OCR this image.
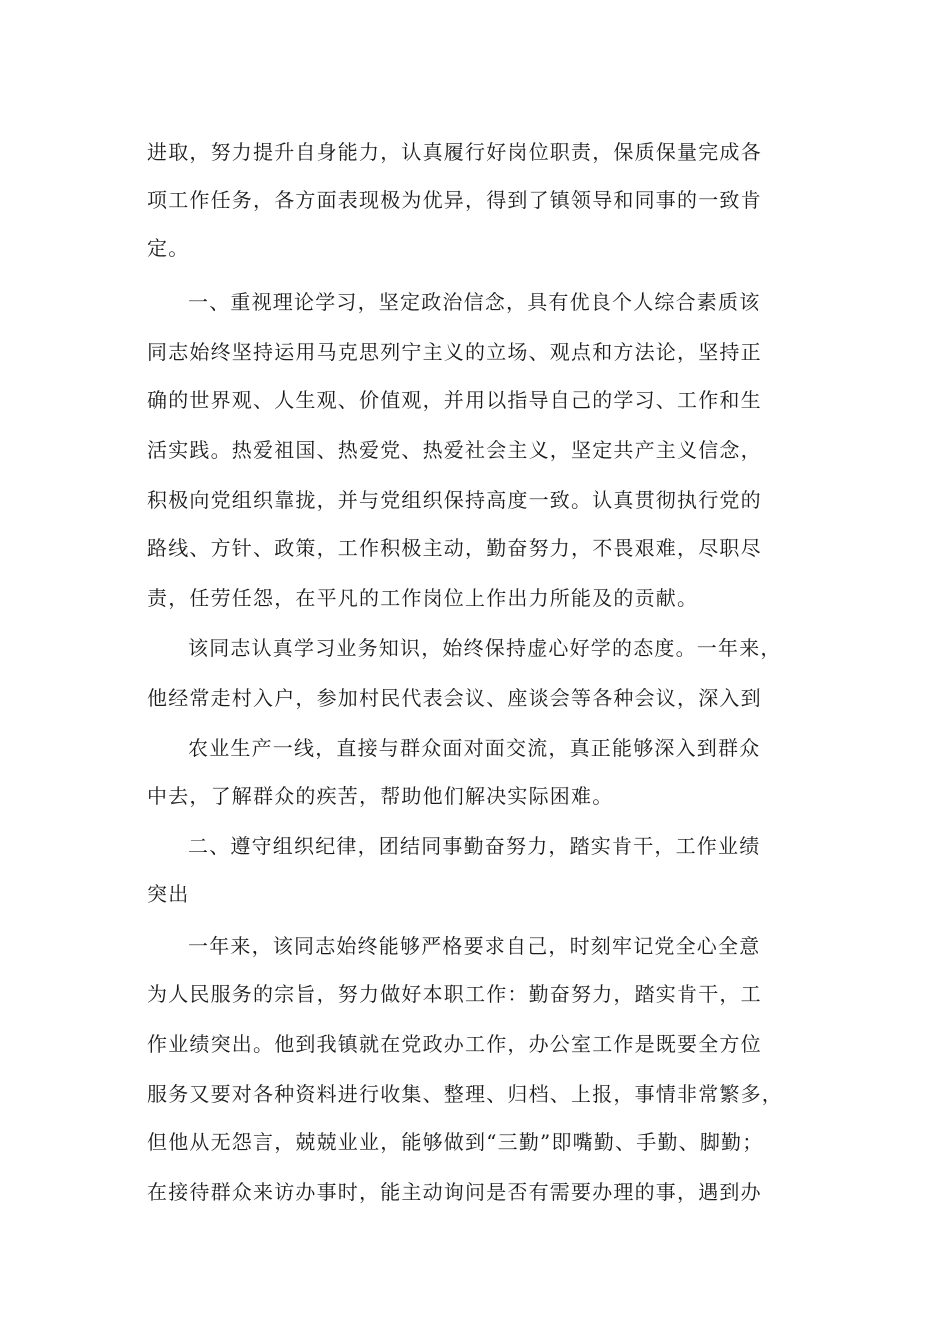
进取，努力提升自身能力，认真履行好岗位职责，保质保量完成各
项工作任务，各方面表现极为优异，得到了镇领导和同事的一致肯
定。
一、重视理论学习，坚定政治信念，具有优良个人综合素质该
同志始终坚持运用马克思列宁主义的立场、观点和方法论，坚持正
确的世界观、人生观、价值观，并用以指导自己的学习、工作和生
活实践。热爱祖国、热爱党、热爱社会主义，坚定共产主义信念，
积极向党组织靠拢，并与党组织保持高度一致。认真贯彻执行党的
路线、方针、政策，工作积极主动，勤奋努力，不畏艰难，尽职尽
责，任劳任怨，在平凡的工作岗位上作出力所能及的贡献。
该同志认真学习业务知识，始终保持虚心好学的态度。一年来，
他经常走村入户，参加村民代表会议、座谈会等各种会议，深入到
农业生产一线，直接与群众面对面交流，真正能够深入到群众
中去，了解群众的疾苦，帮助他们解决实际困难。
二、遵守组织纪律，团结同事勤奋努力，踏实肯干，工作业绩
突出
一年来，该同志始终能够严格要求自己，时刻牢记党全心全意
为人民服务的宗旨，努力做好本职工作：勤奋努力，踏实肯干，工
作业绩突出。他到我镇就在党政办工作，办公室工作是既要全方位
服务又要对各种资料进行收集、整理、归档、上报，事情非常繁多，
但他从无怨言，兢兢业业，能够做到“三勤”即嘴勤、手勤、脚勤；
在接待群众来访办事时，能主动询问是否有需要办理的事，遇到办
